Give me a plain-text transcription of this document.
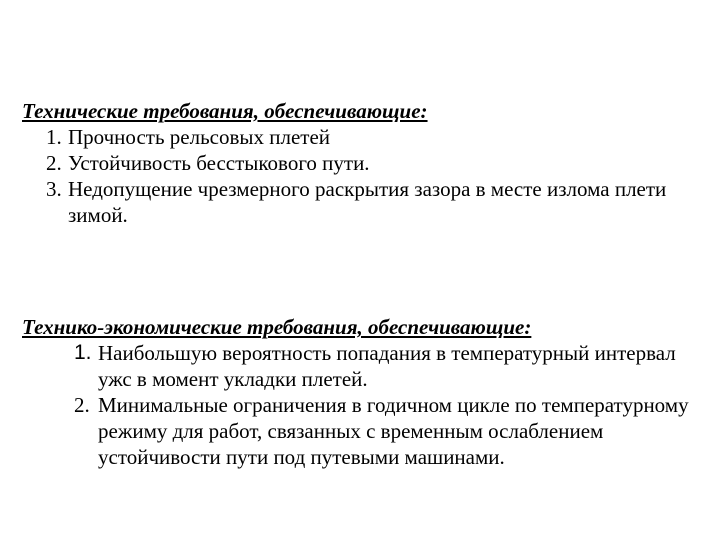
Технические требования, обеспечивающие:
1. Прочность рельсовых плетей
2. Устойчивость бесстыкового пути.
3. Недопущение чрезмерного раскрытия зазора в месте излома плети зимой.
Технико-экономические требования, обеспечивающие:
1. Наибольшую вероятность попадания в температурный интервал ужс в момент укладки плетей.
2. Минимальные ограничения в годичном цикле по температурному режиму для работ, связанных с временным ослаблением устойчивости пути под путевыми машинами.
